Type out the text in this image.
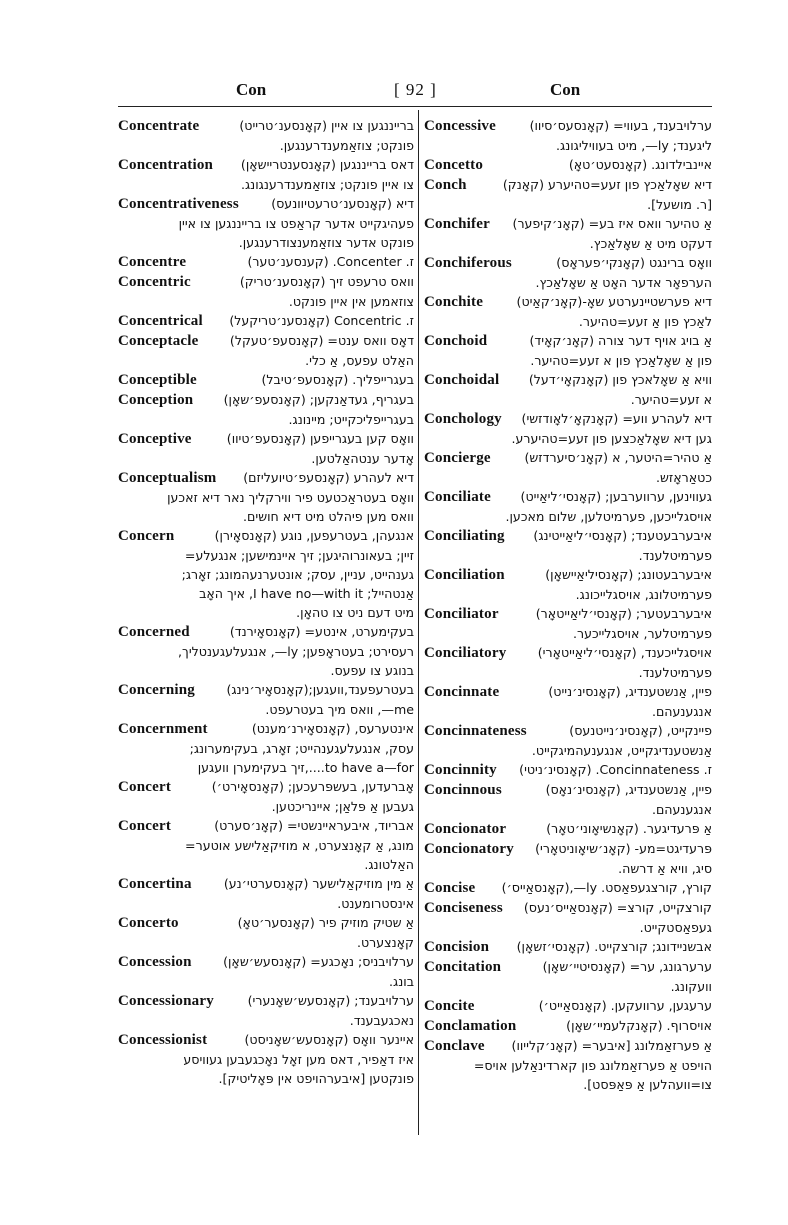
Con	[ 92 ]	Con
Concentrate	ברייננגען צו איין (קאָנסענ׳טרייט)
פונקט; צוזאַמענדרענגען.
Concentration דאס ברייננגען (קאָנסענטריישאָן)
צו איין פונקט; צוזאַמענדרענגונג.
Concentrativeness	דיא (קאָנסענ׳טרעטיוונעס)
פעהיגקייט אדער קראַפט צו ברייננגען צו איין
פונקט אדער צוזאַמענצודרענגען.
Concentre	ז. Concenter. (קענסענ׳טער)
Concentric	וואס טרעפט זיך (קאָנסענ׳טריק)
צוזאמען אין איין פונקט.
Concentrical ז. Concentric (קאָנסענ׳טריקעל)
Conceptacle דאָס וואס ענט= (קאָנסעפ׳טעקל)
האַלט עפעס, אַ כלי.
Conceptible	בעגרייפליך. (קאָנסעפ׳טיבל)
Conception בעגריף, געדאַנקען; (קאָנסעפ׳שאָן)
בעגרייפליכקייט; מיינונג.
Conceptive	וואָס קען בעגרייפען (קאָנסעפ׳טיוו)
אָדער ענטהאַלטען.
Conceptualism דיא לעהרע (קאָנסעפ׳טיועליזם)
וואָס בעטראַכטעט פיר ווירקליך נאר דיא זאכען
וואס מען פיהלט מיט דיא חושים.
Concern	אנגעהן, בעטרעפען, נוגע (קאָנסאָירן)
זיין; בעאונרוהיגען; זיך איינמישען; אנגעלע=
גענהייט, עניין, עסק; אונטערנעהמונג; זאָרג;
אַנטהייל; I have no—with it, איך האָב
מיט דעם ניט צו טהאָן.
Concerned	בעקימערט, אינטע= (קאָנסאָירנד)
רעסירט; בעטראָפען; ly—, אנגעלעגענטליך,
בנוגע צו עפעס.
Concerning בעטרעפענד,וועגען;(קאָנסאָיר׳נינג)
me—, וואס מיך בעטרעפט.
Concernment	אינטערעס, (קאָנסאָירנ׳מענט)
עסק, אנגעלעגענהייט; זאָרג, בעקימערונג;
to have a—for....,זיך בעקימערן וועגען
Concert	אָברעדען, בעשפּרעכען; (קאָנסאָירט׳)
געבען אַ פּלאַן; איינריכטען.
Concert	אבריוד, איבעראיינשטי= (קאָנ׳סערט)
מונג, אַ קאָנצערט, א מוזיקאַלישע אוטער=
האַלטונג.
Concertina	אַ מין מוזיקאַלישער (קאָנסערטי׳נע)
אינסטרומענט.
Concerto	אַ שטיק מוזיק פיר (קאָנסער׳טאָ)
קאָנצערט.
Concession ערלויבניס; נאָכגע= (קאָנסעש׳שאָן)
בונג.
Concessionary	ערלויבענד; (קאָנסעש׳שאָנערי)
נאכגעבענד.
Concessionist	איינער וואָס (קאָנסעש׳שאָניסט)
איז דאַפיר, דאס מען זאָל נאָכגעבען געוויסע
פונקטען [איבערהויפט אין פּאָליטיק].
Concessive	ערלויבענד, בעווי= (קאָנסעס׳סיוו)
ליגענד; ly—, מיט בעוויליגונג.
Concetto	איינבילדונג. (קאָנסעט׳טאָ)
Conch	דיא שאָלאַכץ פון זעע=טהיערע (קאָנק)
[ר. מושעל].
Conchifer אַ טהיער וואס איז בע= (קאָנ׳קיפער)
דעקט מיט אַ שאָלאַכץ.
Conchiferous	וואָס ברינגט (קאָנקי׳פעראָס)
הערפאָר אדער האָט אַ שאָלאַכץ.
Conchite	דיא פערשטיינערטע שאָ-(קאָנ׳קאַיט)
לאַכץ פון אַ זעע=טהיער.
Conchoid	אַ בויג אויף דער צורה (קאָנ׳קאָיד)
פון אַ שאָלאַכץ פון א זעע=טהיער.
Conchoidal וויא אַ שאָלאכץ פון (קאָנקאָי׳דעל)
א זעע=טהיער.
Conchology דיא לעהרע ווע= (קאָנקאָ׳לאָודזשי)
גען דיא שאָלאַכצען פון זעע=טהיערע.
Concierge	אַ טהיר=היטער, א (קאָנ׳סיערדזש)
כטאַראָזש.
Conciliate געווינען, ערווערבען; (קאָנסי׳ליאַייט)
אויסגלייכען, פערמיטלען, שלום מאכען.
Conciliating איבערבעטענד; (קאָנסי׳ליאַייטינג)
פערמיטלענד.
Conciliation	איבערבעטונג; (קאָנסיליאַיישאָן)
פערמיטלונג, אויסגלייכונג.
Conciliator	איבערבעטער; (קאָנסי׳ליאַייטאָר)
פערמיטלער, אויסגלייכער.
Conciliatory אויסגלייכענד, (קאָנסי׳ליאַייטאָרי)
פערמיטלענד.
Concinnate	פיין, אַנשטענדיג, (קאָנסינ׳נייט)
אנגענעהם.
Concinnateness	פיינקייט, (קאָנסינ׳נייטנעס)
אַנשטענדיגקייט, אנגענעהמיגקייט.
Concinnity ז. Concinnateness. (קאָנסינ׳ניטי)
Concinnous	פיין, אַנשטענדיג, (קאָנסינ׳נאָס)
אנגענעהם.
Concionator	אַ פּרעדיגער. (קאָנשיאָוני׳טאָר)
Concionatory פּרעדיגט=מע- (קאָנ׳שיאָוניטאָרי)
סיג, וויא אַ דרשה.
Concise קורץ, קורצגעפאַסט. ly—,(קאָנסאַייס׳)
Conciseness קורצקייט, קורצ= (קאָנסאַייס׳נעס)
געפאַסטקייט.
Concision אבשניידונג; קורצקייט. (קאָנסי׳זשאָן)
Concitation	ערערגונג, ער= (קאָנסיטיי׳שאָן)
וועקונג.
Concite	ערעגען, ערוועקען. (קאָנסאַייט׳)
Conclamation	אויסרוף. (קאָנקלעמיי׳שאָן)
Conclave אַ פערזאַמלונג [איבער= (קאָנ׳קלייוו)
הויפט אַ פערזאַמלונג פון קארדינאַלען אויס=
צו=וועהלען אַ פּאַפּסט].
